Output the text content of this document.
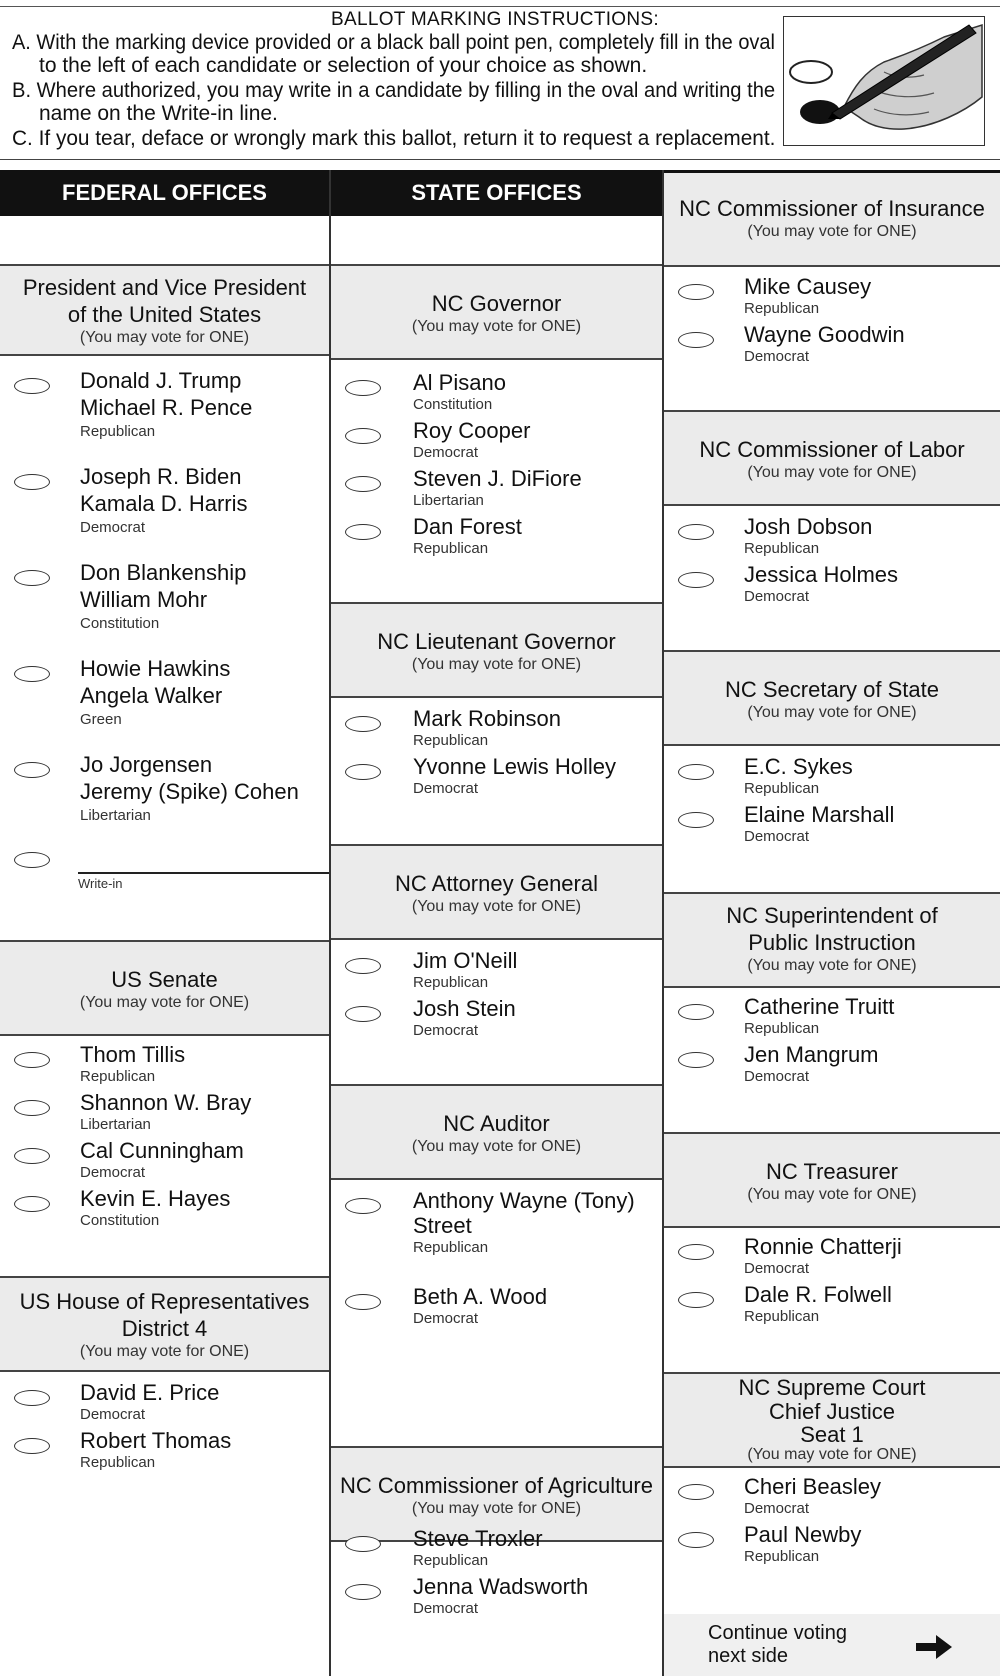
BALLOT MARKING INSTRUCTIONS:
A. With the marking device provided or a black ball point pen, completely fill in the oval
to the left of each candidate or selection of your choice as shown.
B. Where authorized, you may write in a candidate by filling in the oval and writing the
name on the Write-in line.
C. If you tear, deface or wrongly mark this ballot, return it to request a replacement.
FEDERAL OFFICES
President and Vice President
of the United States
(You may vote for ONE)
Donald J. Trump
Michael R. Pence
Republican
Joseph R. Biden
Kamala D. Harris
Democrat
Don Blankenship
William Mohr
Constitution
Howie Hawkins
Angela Walker
Green
Jo Jorgensen
Jeremy (Spike) Cohen
Libertarian
Write-in
US Senate
(You may vote for ONE)
Thom Tillis
Republican
Shannon W. Bray
Libertarian
Cal Cunningham
Democrat
Kevin E. Hayes
Constitution
US House of Representatives
District 4
(You may vote for ONE)
David E. Price
Democrat
Robert Thomas
Republican
STATE OFFICES
NC Governor
(You may vote for ONE)
Al Pisano
Constitution
Roy Cooper
Democrat
Steven J. DiFiore
Libertarian
Dan Forest
Republican
NC Lieutenant Governor
(You may vote for ONE)
Mark Robinson
Republican
Yvonne Lewis Holley
Democrat
NC Attorney General
(You may vote for ONE)
Jim O'Neill
Republican
Josh Stein
Democrat
NC Auditor
(You may vote for ONE)
Anthony Wayne (Tony)
Street
Republican
Beth A. Wood
Democrat
NC Commissioner of Agriculture
(You may vote for ONE)
Steve Troxler
Republican
Jenna Wadsworth
Democrat
NC Commissioner of Insurance
(You may vote for ONE)
Mike Causey
Republican
Wayne Goodwin
Democrat
NC Commissioner of Labor
(You may vote for ONE)
Josh Dobson
Republican
Jessica Holmes
Democrat
NC Secretary of State
(You may vote for ONE)
E.C. Sykes
Republican
Elaine Marshall
Democrat
NC Superintendent of
Public Instruction
(You may vote for ONE)
Catherine Truitt
Republican
Jen Mangrum
Democrat
NC Treasurer
(You may vote for ONE)
Ronnie Chatterji
Democrat
Dale R. Folwell
Republican
NC Supreme Court
Chief Justice
Seat 1
(You may vote for ONE)
Cheri Beasley
Democrat
Paul Newby
Republican
Continue voting
next side
